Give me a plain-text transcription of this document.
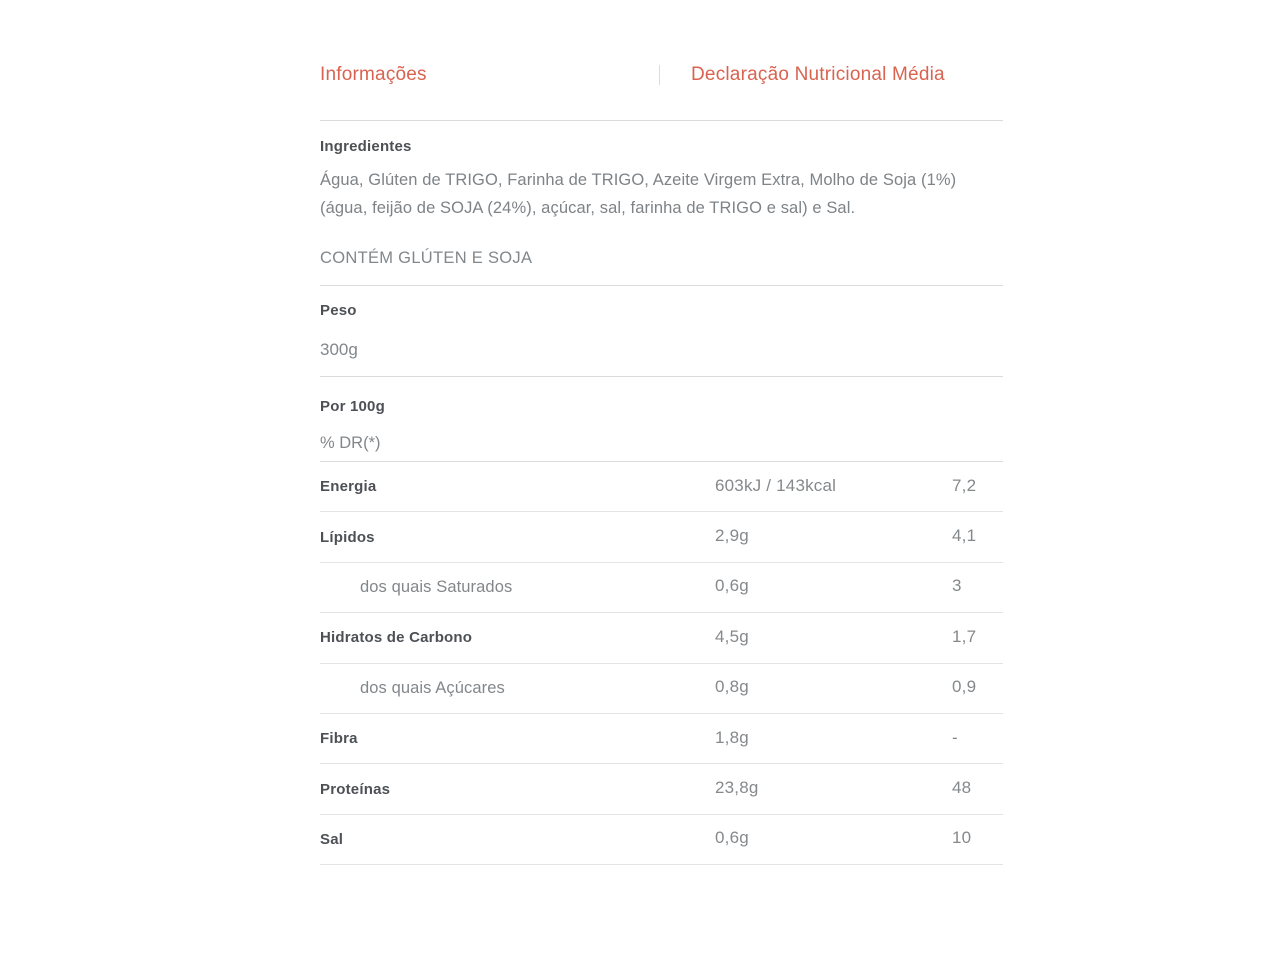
Informações	Declaração Nutricional Média
Ingredientes

Água, Glúten de TRIGO, Farinha de TRIGO, Azeite Virgem Extra, Molho de Soja (1%) (água, feijão de SOJA (24%), açúcar, sal, farinha de TRIGO e sal) e Sal.

CONTÉM GLÚTEN E SOJA
Peso
300g
Por 100g
% DR(*)
Energia	603kJ / 143kcal	7,2
Lípidos	2,9g	4,1
dos quais Saturados	0,6g	3
Hidratos de Carbono	4,5g	1,7
dos quais Açúcares	0,8g	0,9
Fibra	1,8g	-
Proteínas	23,8g	48
Sal	0,6g	10
